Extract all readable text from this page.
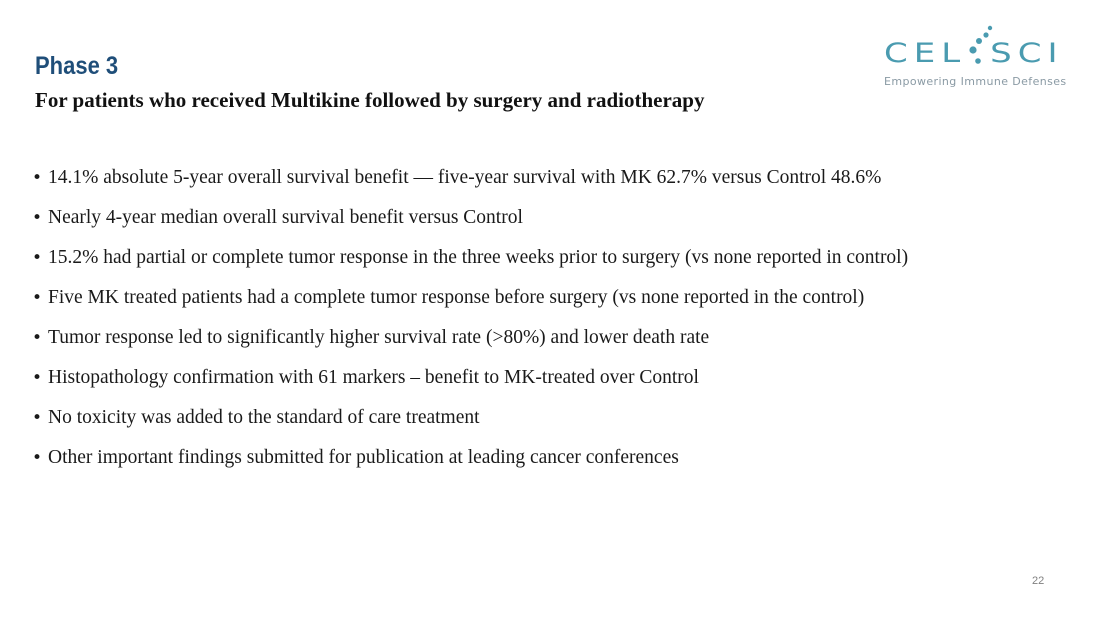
Phase 3
For patients who received Multikine followed by surgery and radiotherapy
CEL SCI
Empowering Immune Defenses
• 14.1% absolute 5-year overall survival benefit — five-year survival with MK 62.7% versus Control 48.6%
• Nearly 4-year median overall survival benefit versus Control
• 15.2% had partial or complete tumor response in the three weeks prior to surgery (vs none reported in control)
• Five MK treated patients had a complete tumor response before surgery (vs none reported in the control)
• Tumor response led to significantly higher survival rate (>80%) and lower death rate
• Histopathology confirmation with 61 markers – benefit to MK-treated over Control
• No toxicity was added to the standard of care treatment
• Other important findings submitted for publication at leading cancer conferences
22
